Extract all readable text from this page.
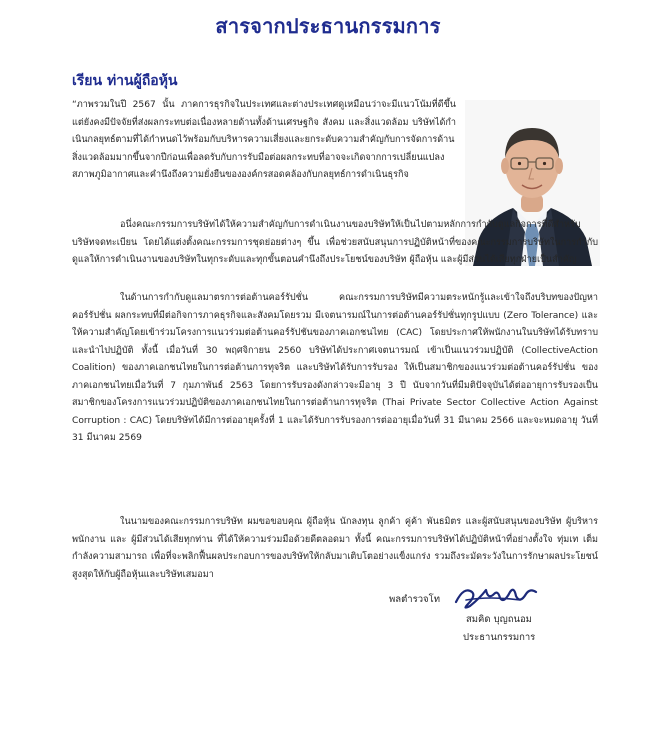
สารจากประธานกรรมการ
เรียน ท่านผู้ถือหุ้น
“ภาพรวมในปี 2567 นั้น ภาคการธุรกิจในประเทศและต่างประเทศดูเหมือนว่าจะมีแนวโน้มที่ดีขึ้น แต่ยังคงมีปัจจัยที่ส่งผลกระทบต่อเนื่องหลายด้านทั้งด้านเศรษฐกิจ สังคม และสิ่งแวดล้อม บริษัทได้กำเนินกลยุทธ์ตามที่ได้กำหนดไว้พร้อมกับบริหารความเสี่ยงและยกระดับความสำคัญกับการจัดการด้านสิ่งแวดล้อมมากขึ้นจากปีก่อนเพื่อลดรับกับการรับมือต่อผลกระทบที่อาจจะเกิดจากการเปลี่ยนแปลงสภาพภูมิอากาศและคำนึงถึงความยั่งยืนขององค์กรสอดคล้องกับกลยุทธ์การดำเนินธุรกิจ
อนึ่งคณะกรรมการบริษัทได้ให้ความสำคัญกับการดำเนินงานของบริษัทให้เป็นไปตามหลักการกำกับดูแลกิจการที่ดีสำหรับบริษัทจดทะเบียน โดยได้แต่งตั้งคณะกรรมการชุดย่อยต่างๆ ขึ้น เพื่อช่วยสนับสนุนการปฏิบัติหน้าที่ของคณะกรรมการบริษัทในการกำกับดูแลให้การดำเนินงานของบริษัทในทุกระดับและทุกขั้นตอนคำนึงถึงประโยชน์ของบริษัท ผู้ถือหุ้น และผู้มีส่วนได้เสียทุกฝ่ายเป็นสำคัญ
ในด้านการกำกับดูแลมาตรการต่อต้านคอร์รัปชั่น คณะกรรมการบริษัทมีความตระหนักรู้และเข้าใจถึงบริบทของปัญหาคอร์รัปชั่น ผลกระทบที่มีต่อกิจการภาคธุรกิจและสังคมโดยรวม มีเจตนารมณ์ในการต่อต้านคอร์รัปชั่นทุกรูปแบบ (Zero Tolerance) และให้ความสำคัญโดยเข้าร่วมโครงการแนวร่วมต่อต้านคอร์รัปชันของภาคเอกชนไทย (CAC) โดยประกาศให้พนักงานในบริษัทได้รับทราบและนำไปปฏิบัติ ทั้งนี้ เมื่อวันที่ 30 พฤศจิกายน 2560 บริษัทได้ประกาศเจตนารมณ์ เข้าเป็นแนวร่วมปฏิบัติ (CollectiveAction Coalition) ของภาคเอกชนไทยในการต่อต้านการทุจริต และบริษัทได้รับการรับรอง ให้เป็นสมาชิกของแนวร่วมต่อต้านคอร์รัปชั่น ของภาคเอกชนไทยเมื่อวันที่ 7 กุมภาพันธ์ 2563 โดยการรับรองดังกล่าวจะมีอายุ 3 ปี นับจากวันที่มีมติปัจจุบันได้ต่ออายุการรับรองเป็นสมาชิกของโครงการแนวร่วมปฏิบัติของภาคเอกชนไทยในการต่อต้านการทุจริต (Thai Private Sector Collective Action Against Corruption : CAC) โดยบริษัทได้มีการต่ออายุครั้งที่ 1 และได้รับการรับรองการต่ออายุเมื่อวันที่ 31 มีนาคม 2566 และจะหมดอายุ วันที่ 31 มีนาคม 2569
ในนามของคณะกรรมการบริษัท ผมขอขอบคุณ ผู้ถือหุ้น นักลงทุน ลูกค้า คู่ค้า พันธมิตร และผู้สนับสนุนของบริษัท ผู้บริหาร พนักงาน และ ผู้มีส่วนได้เสียทุกท่าน ที่ได้ให้ความร่วมมือด้วยดีตลอดมา ทั้งนี้ คณะกรรมการบริษัทได้ปฏิบัติหน้าที่อย่างตั้งใจ ทุ่มเท เต็มกำลังความสามารถ เพื่อที่จะพลิกฟื้นผลประกอบการของบริษัทให้กลับมาเติบโตอย่างแข็งแกร่ง รวมถึงระมัดระวังในการรักษาผลประโยชน์สูงสุดให้กับผู้ถือหุ้นและบริษัทเสมอมา
พลตำรวจโท
สมคิด บุญถนอม
ประธานกรรมการ
